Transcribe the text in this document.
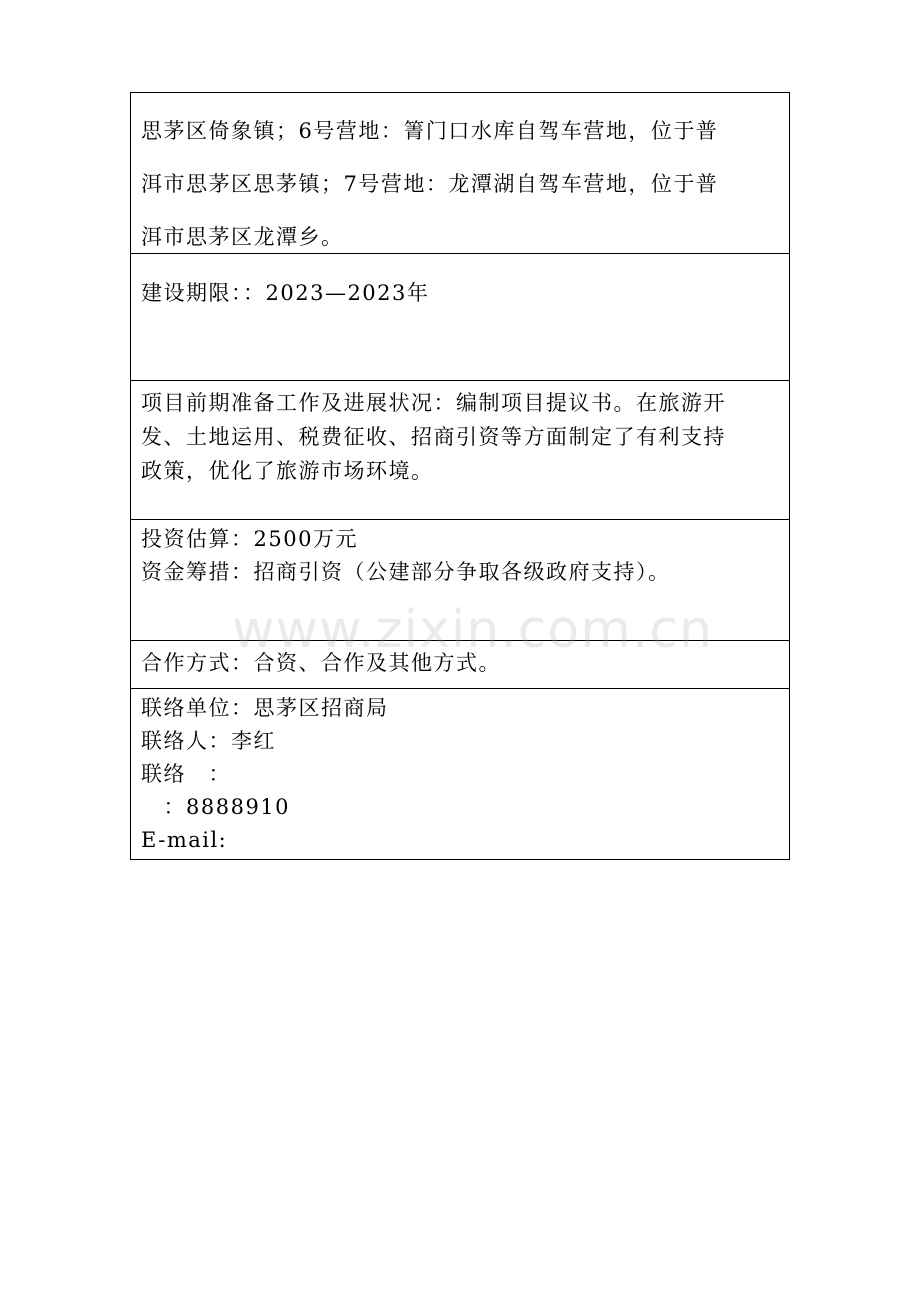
思茅区倚象镇；6号营地：箐门口水库自驾车营地，位于普
洱市思茅区思茅镇；7号营地：龙潭湖自驾车营地，位于普
洱市思茅区龙潭乡。
建设期限：：2023—2023年
项目前期准备工作及进展状况：编制项目提议书。在旅游开
发、土地运用、税费征收、招商引资等方面制定了有利支持
政策，优化了旅游市场环境。
投资估算：2500万元
资金筹措：招商引资（公建部分争取各级政府支持）。
合作方式：合资、合作及其他方式。
联络单位：思茅区招商局
联络人：李红
联络　：
　：8888910
E-mail:
www.zixin.com.cn
